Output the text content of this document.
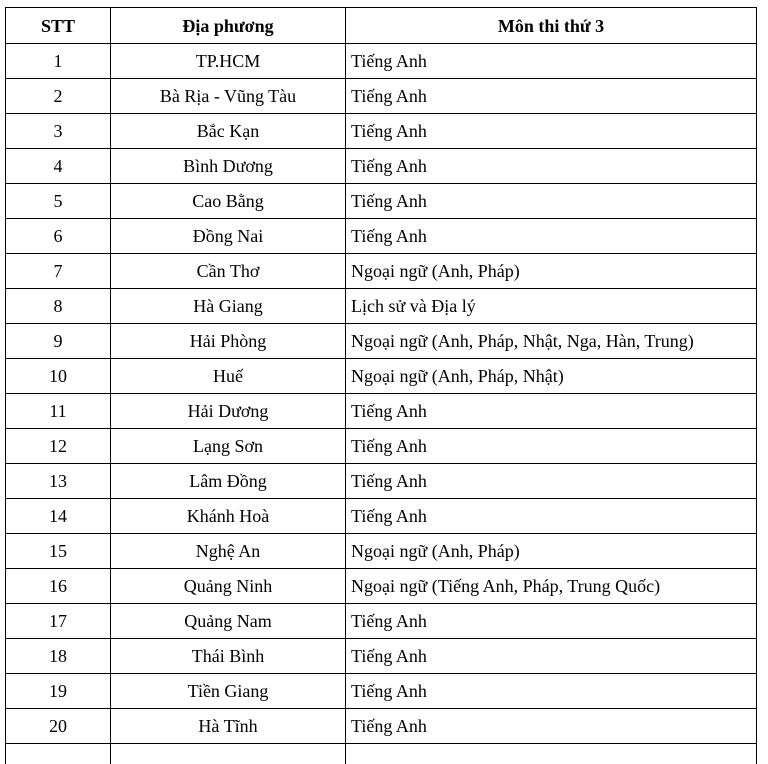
STT	Địa phương	Môn thi thứ 3
1	TP.HCM	Tiếng Anh
2	Bà Rịa - Vũng Tàu	Tiếng Anh
3	Bắc Kạn	Tiếng Anh
4	Bình Dương	Tiếng Anh
5	Cao Bằng	Tiếng Anh
6	Đồng Nai	Tiếng Anh
7	Cần Thơ	Ngoại ngữ (Anh, Pháp)
8	Hà Giang	Lịch sử và Địa lý
9	Hải Phòng	Ngoại ngữ (Anh, Pháp, Nhật, Nga, Hàn, Trung)
10	Huế	Ngoại ngữ (Anh, Pháp, Nhật)
11	Hải Dương	Tiếng Anh
12	Lạng Sơn	Tiếng Anh
13	Lâm Đồng	Tiếng Anh
14	Khánh Hoà	Tiếng Anh
15	Nghệ An	Ngoại ngữ (Anh, Pháp)
16	Quảng Ninh	Ngoại ngữ (Tiếng Anh, Pháp, Trung Quốc)
17	Quảng Nam	Tiếng Anh
18	Thái Bình	Tiếng Anh
19	Tiền Giang	Tiếng Anh
20	Hà Tĩnh	Tiếng Anh
